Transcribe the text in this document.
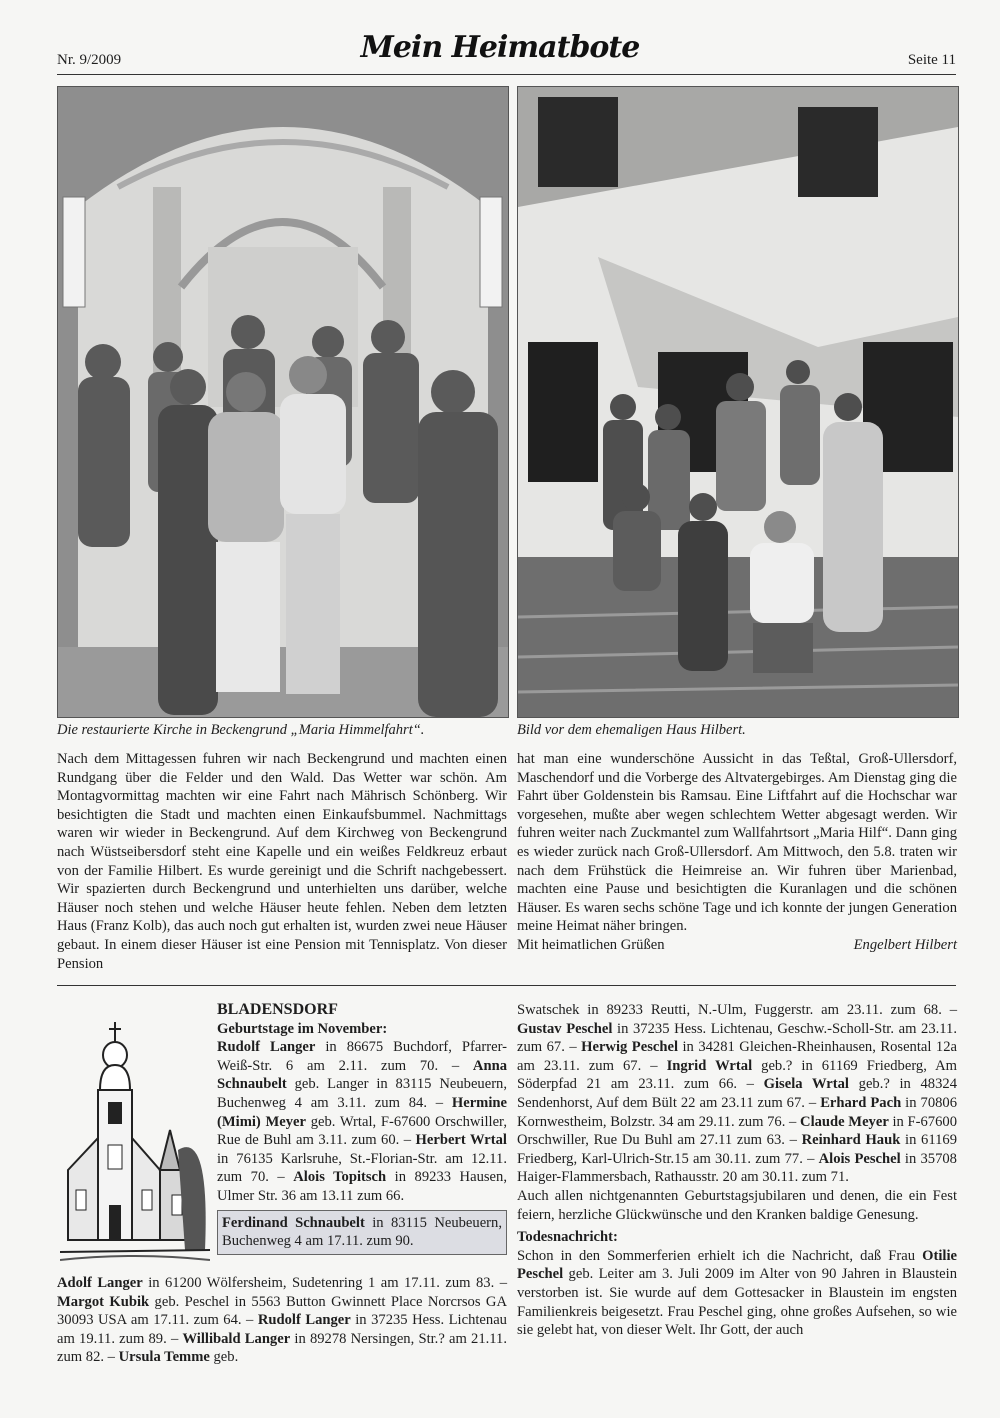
Nr. 9/2009	Mein Heimatbote	Seite 11
Die restaurierte Kirche in Beckengrund „Maria Himmelfahrt“.	Bild vor dem ehemaligen Haus Hilbert.

Nach dem Mittagessen fuhren wir nach Beckengrund und machten einen Rundgang über die Felder und den Wald. Das Wetter war schön. Am Montagvormittag machten wir eine Fahrt nach Mährisch Schönberg. Wir besichtigten die Stadt und machten einen Einkaufsbummel. Nachmittags waren wir wieder in Beckengrund. Auf dem Kirchweg von Beckengrund nach Wüstseibersdorf steht eine Kapelle und ein weißes Feldkreuz erbaut von der Familie Hilbert. Es wurde gereinigt und die Schrift nachgebessert. Wir spazierten durch Beckengrund und unterhielten uns darüber, welche Häuser noch stehen und welche Häuser heute fehlen. Neben dem letzten Haus (Franz Kolb), das auch noch gut erhalten ist, wurden zwei neue Häuser gebaut. In einem dieser Häuser ist eine Pension mit Tennisplatz. Von dieser Pension

hat man eine wunderschöne Aussicht in das Teßtal, Groß-Ullersdorf, Maschendorf und die Vorberge des Altvatergebirges. Am Dienstag ging die Fahrt über Goldenstein bis Ramsau. Eine Liftfahrt auf die Hochschar war vorgesehen, mußte aber wegen schlechtem Wetter abgesagt werden. Wir fuhren weiter nach Zuckmantel zum Wallfahrtsort „Maria Hilf“. Dann ging es wieder zurück nach Groß-Ullersdorf. Am Mittwoch, den 5.8. traten wir nach dem Frühstück die Heimreise an. Wir fuhren über Marienbad, machten eine Pause und besichtigten die Kuranlagen und die schönen Häuser. Es waren sechs schöne Tage und ich konnte der jungen Generation meine Heimat näher bringen.

Mit heimatlichen Grüßen	Engelbert Hilbert
BLADENSDORF
Geburtstage im November:

Rudolf Langer in 86675 Buchdorf, Pfarrer-Weiß-Str. 6 am 2.11. zum 70. – Anna Schnaubelt geb. Langer in 83115 Neubeuern, Buchenweg 4 am 3.11. zum 84. – Hermine (Mimi) Meyer geb. Wrtal, F-67600 Orschwiller, Rue de Buhl am 3.11. zum 60. – Herbert Wrtal in 76135 Karlsruhe, St.-Florian-Str. am 12.11. zum 70. – Alois Topitsch in 89233 Hausen, Ulmer Str. 36 am 13.11 zum 66.

Ferdinand Schnaubelt in 83115 Neubeuern, Buchenweg 4 am 17.11. zum 90.

Adolf Langer in 61200 Wölfersheim, Sudetenring 1 am 17.11. zum 83. – Margot Kubik geb. Peschel in 5563 Button Gwinnett Place Norcrsos GA 30093 USA am 17.11. zum 64. – Rudolf Langer in 37235 Hess. Lichtenau am 19.11. zum 89. – Willibald Langer in 89278 Nersingen, Str.? am 21.11. zum 82. – Ursula Temme geb.

Swatschek in 89233 Reutti, N.-Ulm, Fuggerstr. am 23.11. zum 68. – Gustav Peschel in 37235 Hess. Lichtenau, Geschw.-Scholl-Str. am 23.11. zum 67. – Herwig Peschel in 34281 Gleichen-Rheinhausen, Rosental 12a am 23.11. zum 67. – Ingrid Wrtal geb.? in 61169 Friedberg, Am Söderpfad 21 am 23.11. zum 66. – Gisela Wrtal geb.? in 48324 Sendenhorst, Auf dem Bült 22 am 23.11 zum 67. – Erhard Pach in 70806 Kornwestheim, Bolzstr. 34 am 29.11. zum 76. – Claude Meyer in F-67600 Orschwiller, Rue Du Buhl am 27.11 zum 63. – Reinhard Hauk in 61169 Friedberg, Karl-Ulrich-Str.15 am 30.11. zum 77. – Alois Peschel in 35708 Haiger-Flammersbach, Rathausstr. 20 am 30.11. zum 71.

Auch allen nichtgenannten Geburtstagsjubilaren und denen, die ein Fest feiern, herzliche Glückwünsche und den Kranken baldige Genesung.

Todesnachricht:

Schon in den Sommerferien erhielt ich die Nachricht, daß Frau Otilie Peschel geb. Leiter am 3. Juli 2009 im Alter von 90 Jahren in Blaustein verstorben ist. Sie wurde auf dem Gottesacker in Blaustein im engsten Familienkreis beigesetzt. Frau Peschel ging, ohne großes Aufsehen, so wie sie gelebt hat, von dieser Welt. Ihr Gott, der auch
